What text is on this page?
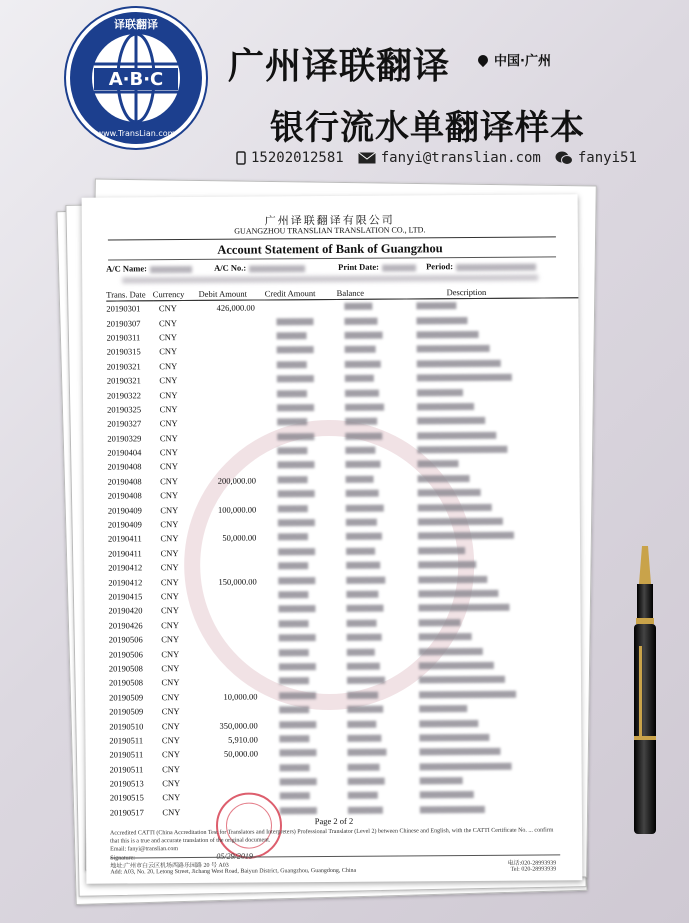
A·B·C
译联翻译
www.TransLian.com
广州译联翻译	中国·广州
银行流水单翻译样本
15202012581	fanyi@translian.com	fanyi51
广州译联翻译有限公司
GUANGZHOU TRANSLIAN TRANSLATION CO., LTD.
Account Statement of Bank of Guangzhou
A/C Name:	A/C No.:	Print Date:	Period:
Trans. Date	Currency	Debit Amount	Credit Amount	Balance	Description
20190301	CNY	426,000.00			
20190307	CNY				
20190311	CNY				
20190315	CNY				
20190321	CNY				
20190321	CNY				
20190322	CNY				
20190325	CNY				
20190327	CNY				
20190329	CNY				
20190404	CNY				
20190408	CNY				
20190408	CNY	200,000.00			
20190408	CNY				
20190409	CNY	100,000.00			
20190409	CNY				
20190411	CNY	50,000.00			
20190411	CNY				
20190412	CNY				
20190412	CNY	150,000.00			
20190415	CNY				
20190420	CNY				
20190426	CNY				
20190506	CNY				
20190506	CNY				
20190508	CNY				
20190508	CNY				
20190509	CNY	10,000.00			
20190509	CNY				
20190510	CNY	350,000.00			
20190511	CNY	5,910.00			
20190511	CNY	50,000.00			
20190511	CNY				
20190513	CNY				
20190515	CNY				
20190517	CNY				
Page 2 of 2
Accredited CATTI (China Accreditation Test for Translators and Interpreters) Professional Translator (Level 2) between Chinese and English, with the CATTI Certificate No. ... confirm that this is a true and accurate translation of the original document.
Email: fanyi@translian.com
Signature:	05/29/2019
地址:广州市白云区机场西路乐园路 20 号 A03
Add: A03, No. 20, Letong Street, Jichang West Road, Baiyun District, Guangzhou, Guangdong, China
电话:020-28993939
Tel: 020-28993939
